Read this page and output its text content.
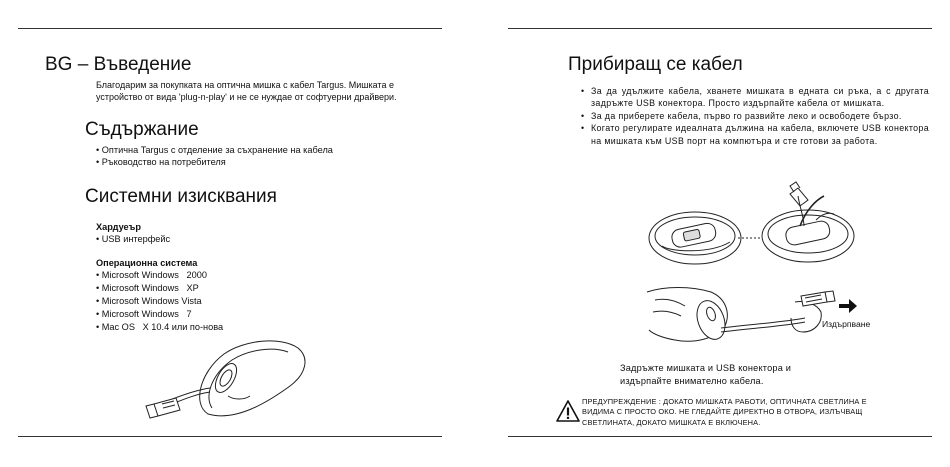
BG – Въведение
Благодарим за покупката на оптична мишка с кабел Targus. Мишката е устройство от вида 'plug-n-play' и не се нуждае от софтуерни драйвери.
Съдържание
• Оптична Targus с отделение за съхранение на кабела
• Ръководство на потребителя
Системни изисквания
Хардуеър
• USB интерфейс
Операционна система
• Microsoft Windows   2000
• Microsoft Windows   XP
• Microsoft Windows Vista
• Microsoft Windows   7
• Mac OS   X 10.4 или по-нова
Прибиращ се кабел
• За да удължите кабела, хванете мишката в едната си ръка, а с другата задръжте USB конектора. Просто издърпайте кабела от мишката.
• За да приберете кабела, първо го развийте леко и освободете бързо.
• Когато регулирате идеалната дължина на кабела, включете USB конектора на мишката към USB порт на компютъра и сте готови за работа.
Издърпване
Задръжте мишката и USB конектора и
издърпайте внимателно кабела.
ПРЕДУПРЕЖДЕНИЕ : ДОКАТО МИШКАТА РАБОТИ, ОПТИЧНАТА СВЕТЛИНА Е
ВИДИМА С ПРОСТО ОКО. НЕ ГЛЕДАЙТЕ ДИРЕКТНО В ОТВОРА, ИЗЛЪЧВАЩ
СВЕТЛИНАТА, ДОКАТО МИШКАТА Е ВКЛЮЧЕНА.
